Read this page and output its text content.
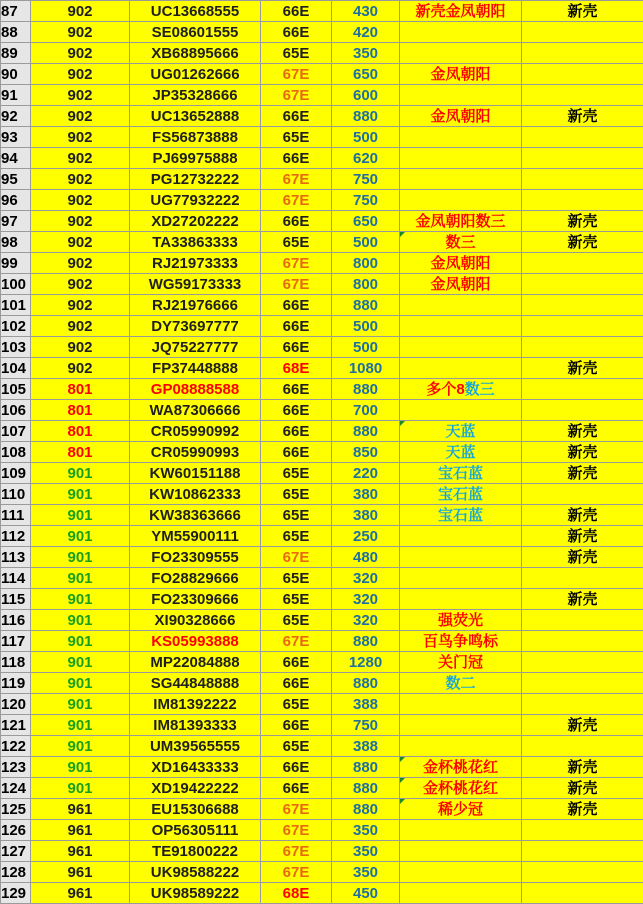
87	902	UC13668555	66E	430	新壳金凤朝阳	新壳
88	902	SE08601555	66E	420		
89	902	XB68895666	65E	350		
90	902	UG01262666	67E	650	金凤朝阳	
91	902	JP35328666	67E	600		
92	902	UC13652888	66E	880	金凤朝阳	新壳
93	902	FS56873888	65E	500		
94	902	PJ69975888	66E	620		
95	902	PG12732222	67E	750		
96	902	UG77932222	67E	750		
97	902	XD27202222	66E	650	金凤朝阳数三	新壳
98	902	TA33863333	65E	500	数三	新壳
99	902	RJ21973333	67E	800	金凤朝阳	
100	902	WG59173333	67E	800	金凤朝阳	
101	902	RJ21976666	66E	880		
102	902	DY73697777	66E	500		
103	902	JQ75227777	66E	500		
104	902	FP37448888	68E	1080		新壳
105	801	GP08888588	66E	880	多个8数三	
106	801	WA87306666	66E	700		
107	801	CR05990992	66E	880	天蓝	新壳
108	801	CR05990993	66E	850	天蓝	新壳
109	901	KW60151188	65E	220	宝石蓝	新壳
110	901	KW10862333	65E	380	宝石蓝	
111	901	KW38363666	65E	380	宝石蓝	新壳
112	901	YM55900111	65E	250		新壳
113	901	FO23309555	67E	480		新壳
114	901	FO28829666	65E	320		
115	901	FO23309666	65E	320		新壳
116	901	XI90328666	65E	320	强荧光	
117	901	KS05993888	67E	880	百鸟争鸣标	
118	901	MP22084888	66E	1280	关门冠	
119	901	SG44848888	66E	880	数二	
120	901	IM81392222	65E	388		
121	901	IM81393333	66E	750		新壳
122	901	UM39565555	65E	388		
123	901	XD16433333	66E	880	金杯桃花红	新壳
124	901	XD19422222	66E	880	金杯桃花红	新壳
125	961	EU15306688	67E	880	稀少冠	新壳
126	961	OP56305111	67E	350		
127	961	TE91800222	67E	350		
128	961	UK98588222	67E	350		
129	961	UK98589222	68E	450		
